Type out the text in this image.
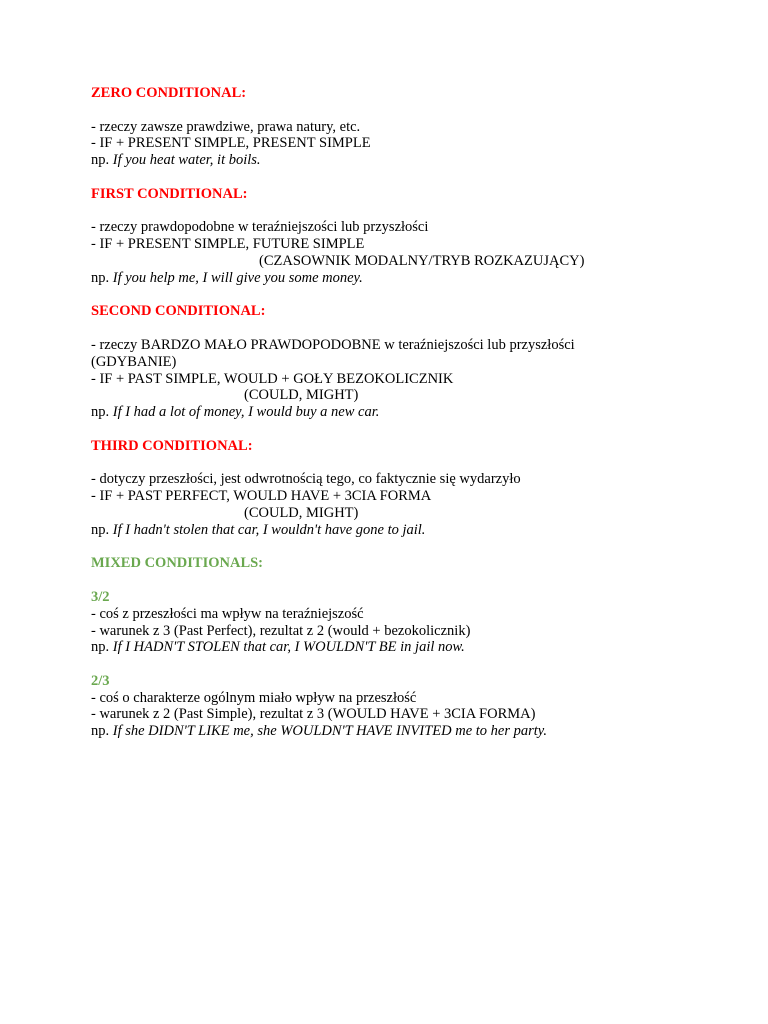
ZERO CONDITIONAL:
- rzeczy zawsze prawdziwe, prawa natury, etc.
- IF + PRESENT SIMPLE, PRESENT SIMPLE
np. If you heat water, it boils.
FIRST CONDITIONAL:
- rzeczy prawdopodobne w teraźniejszości lub przyszłości
- IF + PRESENT SIMPLE, FUTURE SIMPLE
(CZASOWNIK MODALNY/TRYB ROZKAZUJĄCY)
np. If you help me, I will give you some money.
SECOND CONDITIONAL:
- rzeczy BARDZO MAŁO PRAWDOPODOBNE w teraźniejszości lub przyszłości
(GDYBANIE)
- IF + PAST SIMPLE, WOULD + GOŁY BEZOKOLICZNIK
(COULD, MIGHT)
np. If I had a lot of money, I would buy a new car.
THIRD CONDITIONAL:
- dotyczy przeszłości, jest odwrotnością tego, co faktycznie się wydarzyło
- IF + PAST PERFECT, WOULD HAVE + 3CIA FORMA
(COULD, MIGHT)
np. If I hadn't stolen that car, I wouldn't have gone to jail.
MIXED CONDITIONALS:
3/2
- coś z przeszłości ma wpływ na teraźniejszość
- warunek z 3 (Past Perfect), rezultat z 2 (would + bezokolicznik)
np. If I HADN'T STOLEN that car, I WOULDN'T BE in jail now.
2/3
- coś o charakterze ogólnym miało wpływ na przeszłość
- warunek z 2 (Past Simple), rezultat z 3 (WOULD HAVE + 3CIA FORMA)
np. If she DIDN'T LIKE me, she WOULDN'T HAVE INVITED me to her party.
